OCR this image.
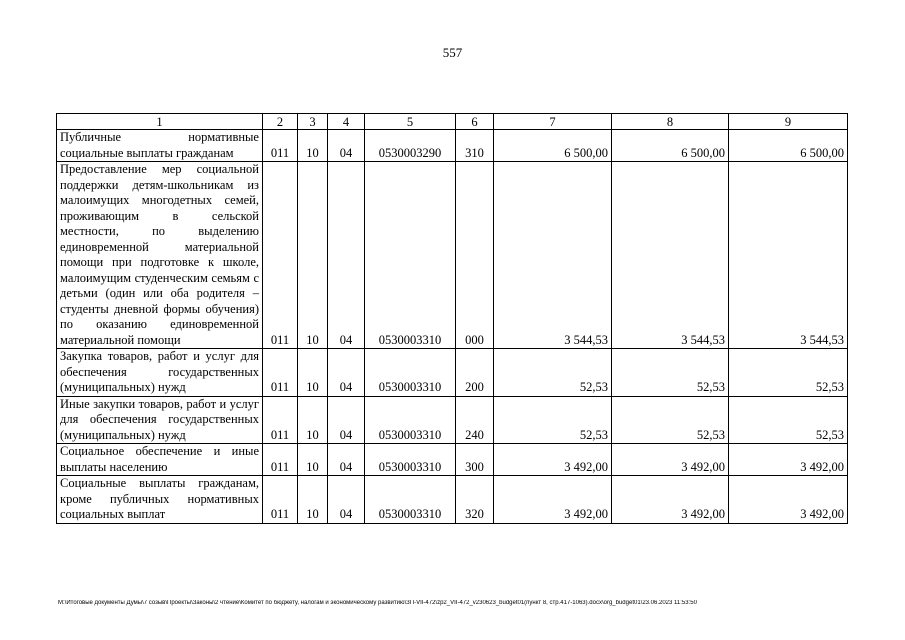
557
1	2	3	4	5	6	7	8	9
Публичные нормативные социальные выплаты гражданам	011	10	04	0530003290	310	6 500,00	6 500,00	6 500,00
Предоставление мер социальной поддержки детям-школьникам из малоимущих многодетных семей, проживающим в сельской местности, по выделению единовременной материальной помощи при подготовке к школе, малоимущим студенческим семьям с детьми (один или оба родителя – студенты дневной формы обучения) по оказанию единовременной материальной помощи	011	10	04	0530003310	000	3 544,53	3 544,53	3 544,53
Закупка товаров, работ и услуг для обеспечения государственных (муниципальных) нужд	011	10	04	0530003310	200	52,53	52,53	52,53
Иные закупки товаров, работ и услуг для обеспечения государственных (муниципальных) нужд	011	10	04	0530003310	240	52,53	52,53	52,53
Социальное обеспечение и иные выплаты населению	011	10	04	0530003310	300	3 492,00	3 492,00	3 492,00
Социальные выплаты гражданам, кроме публичных нормативных социальных выплат	011	10	04	0530003310	320	3 492,00	3 492,00	3 492,00
M:\Итоговые документы Думы\7 созыв\Проекты\Законы\2 чтение\Комитет по бюджету, налогам и экономическому развитию\ЗП-VII-472\zp2_VII-472_v230623_budget01(пункт 8, стр.417-1063).docx\org_budget01\23.06.2023 11:53:50
